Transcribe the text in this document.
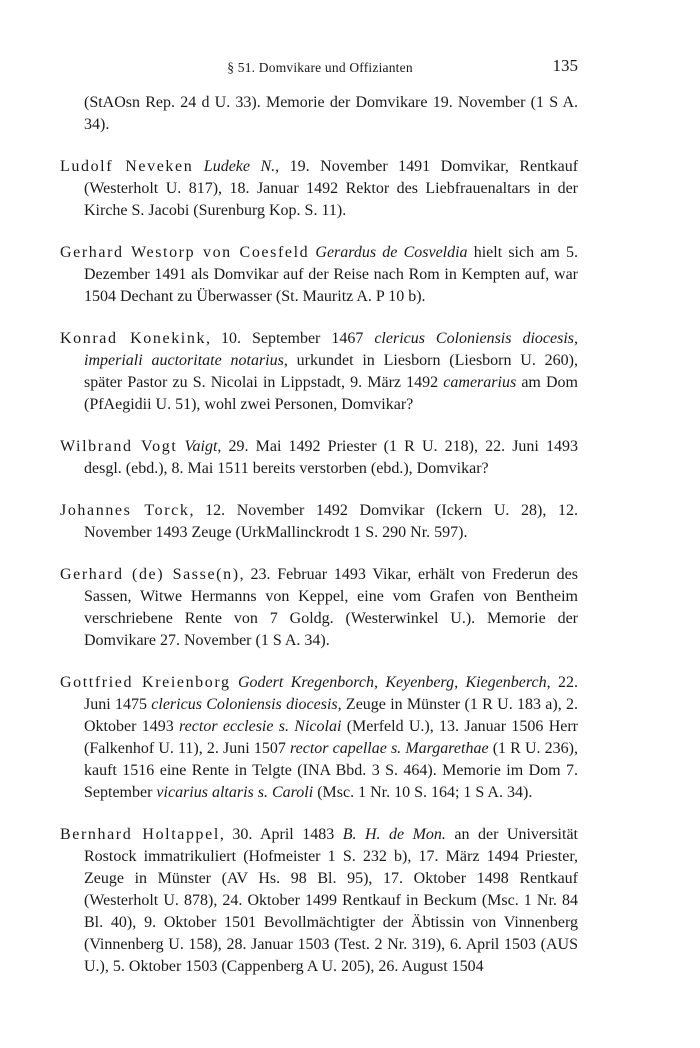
§ 51. Domvikare und Offizianten	135

(StAOsn Rep. 24 d U. 33). Memorie der Domvikare 19. November (1 S A. 34).

Ludolf Neveken Ludeke N., 19. November 1491 Domvikar, Rentkauf (Westerholt U. 817), 18. Januar 1492 Rektor des Liebfrauenaltars in der Kirche S. Jacobi (Surenburg Kop. S. 11).

Gerhard Westorp von Coesfeld Gerardus de Cosveldia hielt sich am 5. Dezember 1491 als Domvikar auf der Reise nach Rom in Kempten auf, war 1504 Dechant zu Überwasser (St. Mauritz A. P 10 b).

Konrad Konekink, 10. September 1467 clericus Coloniensis diocesis, imperiali auctoritate notarius, urkundet in Liesborn (Liesborn U. 260), später Pastor zu S. Nicolai in Lippstadt, 9. März 1492 camerarius am Dom (PfAegidii U. 51), wohl zwei Personen, Domvikar?

Wilbrand Vogt Vaigt, 29. Mai 1492 Priester (1 R U. 218), 22. Juni 1493 desgl. (ebd.), 8. Mai 1511 bereits verstorben (ebd.), Domvikar?

Johannes Torck, 12. November 1492 Domvikar (Ickern U. 28), 12. November 1493 Zeuge (UrkMallinckrodt 1 S. 290 Nr. 597).

Gerhard (de) Sasse(n), 23. Februar 1493 Vikar, erhält von Frederun des Sassen, Witwe Hermanns von Keppel, eine vom Grafen von Bentheim verschriebene Rente von 7 Goldg. (Westerwinkel U.). Memorie der Domvikare 27. November (1 S A. 34).

Gottfried Kreienborg Godert Kregenborch, Keyenberg, Kiegenberch, 22. Juni 1475 clericus Coloniensis diocesis, Zeuge in Münster (1 R U. 183 a), 2. Oktober 1493 rector ecclesie s. Nicolai (Merfeld U.), 13. Januar 1506 Herr (Falkenhof U. 11), 2. Juni 1507 rector capellae s. Margarethae (1 R U. 236), kauft 1516 eine Rente in Telgte (INA Bbd. 3 S. 464). Memorie im Dom 7. September vicarius altaris s. Caroli (Msc. 1 Nr. 10 S. 164; 1 S A. 34).

Bernhard Holtappel, 30. April 1483 B. H. de Mon. an der Universität Rostock immatrikuliert (Hofmeister 1 S. 232 b), 17. März 1494 Priester, Zeuge in Münster (AV Hs. 98 Bl. 95), 17. Oktober 1498 Rentkauf (Westerholt U. 878), 24. Oktober 1499 Rentkauf in Beckum (Msc. 1 Nr. 84 Bl. 40), 9. Oktober 1501 Bevollmächtigter der Äbtissin von Vinnenberg (Vinnenberg U. 158), 28. Januar 1503 (Test. 2 Nr. 319), 6. April 1503 (AUS U.), 5. Oktober 1503 (Cappenberg A U. 205), 26. August 1504
